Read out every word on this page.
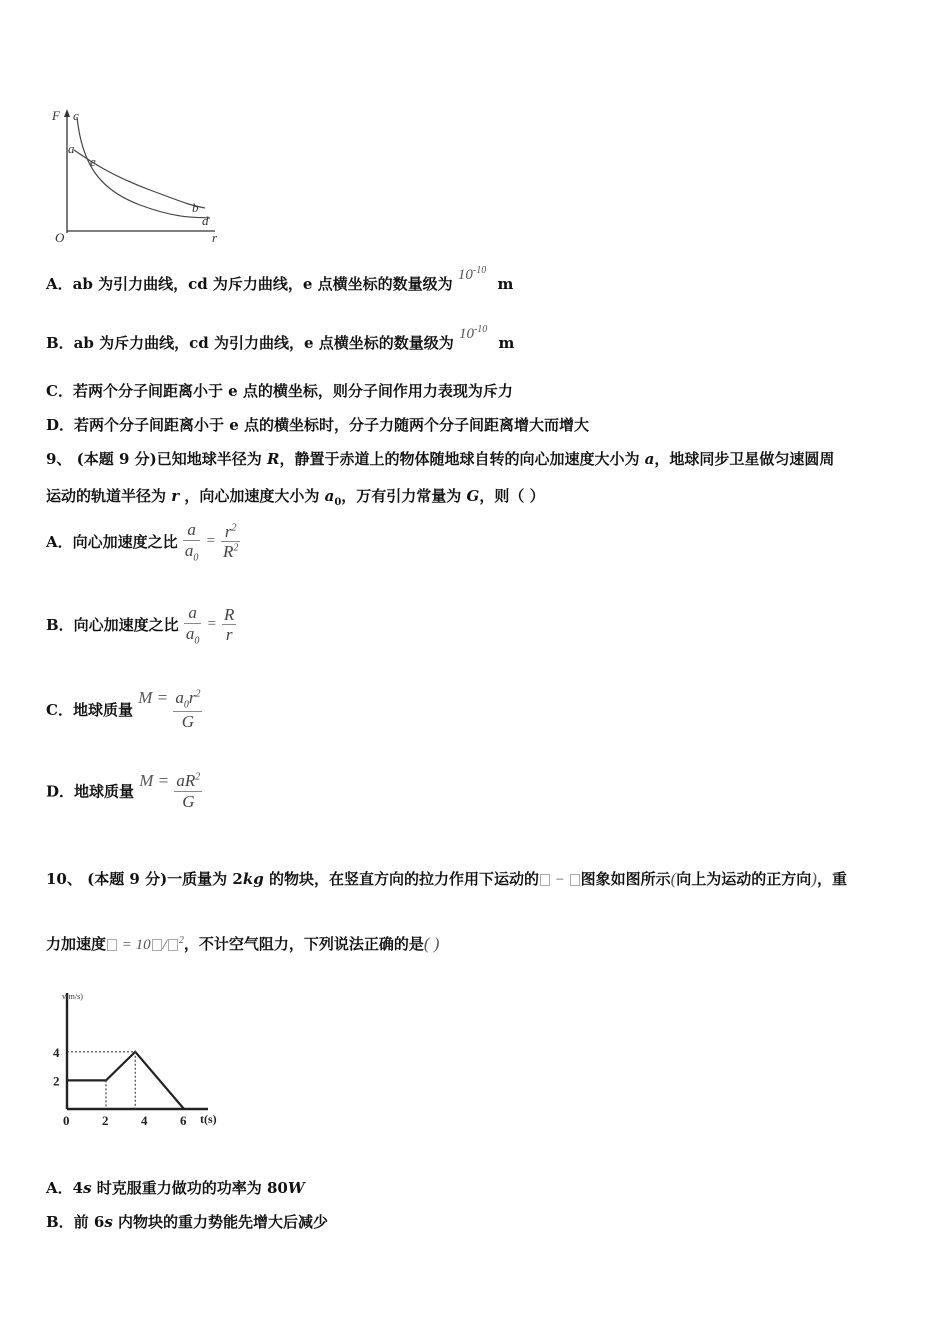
F c
a
e
b
d
O	r
A．ab 为引力曲线，cd 为斥力曲线，e 点横坐标的数量级为 $10^{-10}$ m
B．ab 为斥力曲线，cd 为引力曲线，e 点横坐标的数量级为 $10^{-10}$ m
C．若两个分子间距离小于 e 点的横坐标，则分子间作用力表现为斥力
D．若两个分子间距离小于 e 点的横坐标时，分子力随两个分子间距离增大而增大
9、 (本题 9 分)已知地球半径为 R，静置于赤道上的物体随地球自转的向心加速度大小为 a，地球同步卫星做匀速圆周
运动的轨道半径为 r ，向心加速度大小为 $a_0$，万有引力常量为 G，则（ ）
A．向心加速度之比 $\frac{a}{a_0} = \frac{r^2}{R^2}$
B．向心加速度之比 $\frac{a}{a_0} = \frac{R}{r}$
C．地球质量 $M = \frac{a_0r^2}{G}$
D．地球质量 $M = \frac{aR^2}{G}$
10、 (本题 9 分)一质量为 2kg 的物块，在竖直方向的拉力作用下运动的 − 图象如图所示(向上为运动的正方向)，重
力加速度 = 10 / $^2$，不计空气阻力，下列说法正确的是( )
v(m/s)
t(s)
0	2	4	6
2
4
A．4s 时克服重力做功的功率为 80W
B．前 6s 内物块的重力势能先增大后减少
